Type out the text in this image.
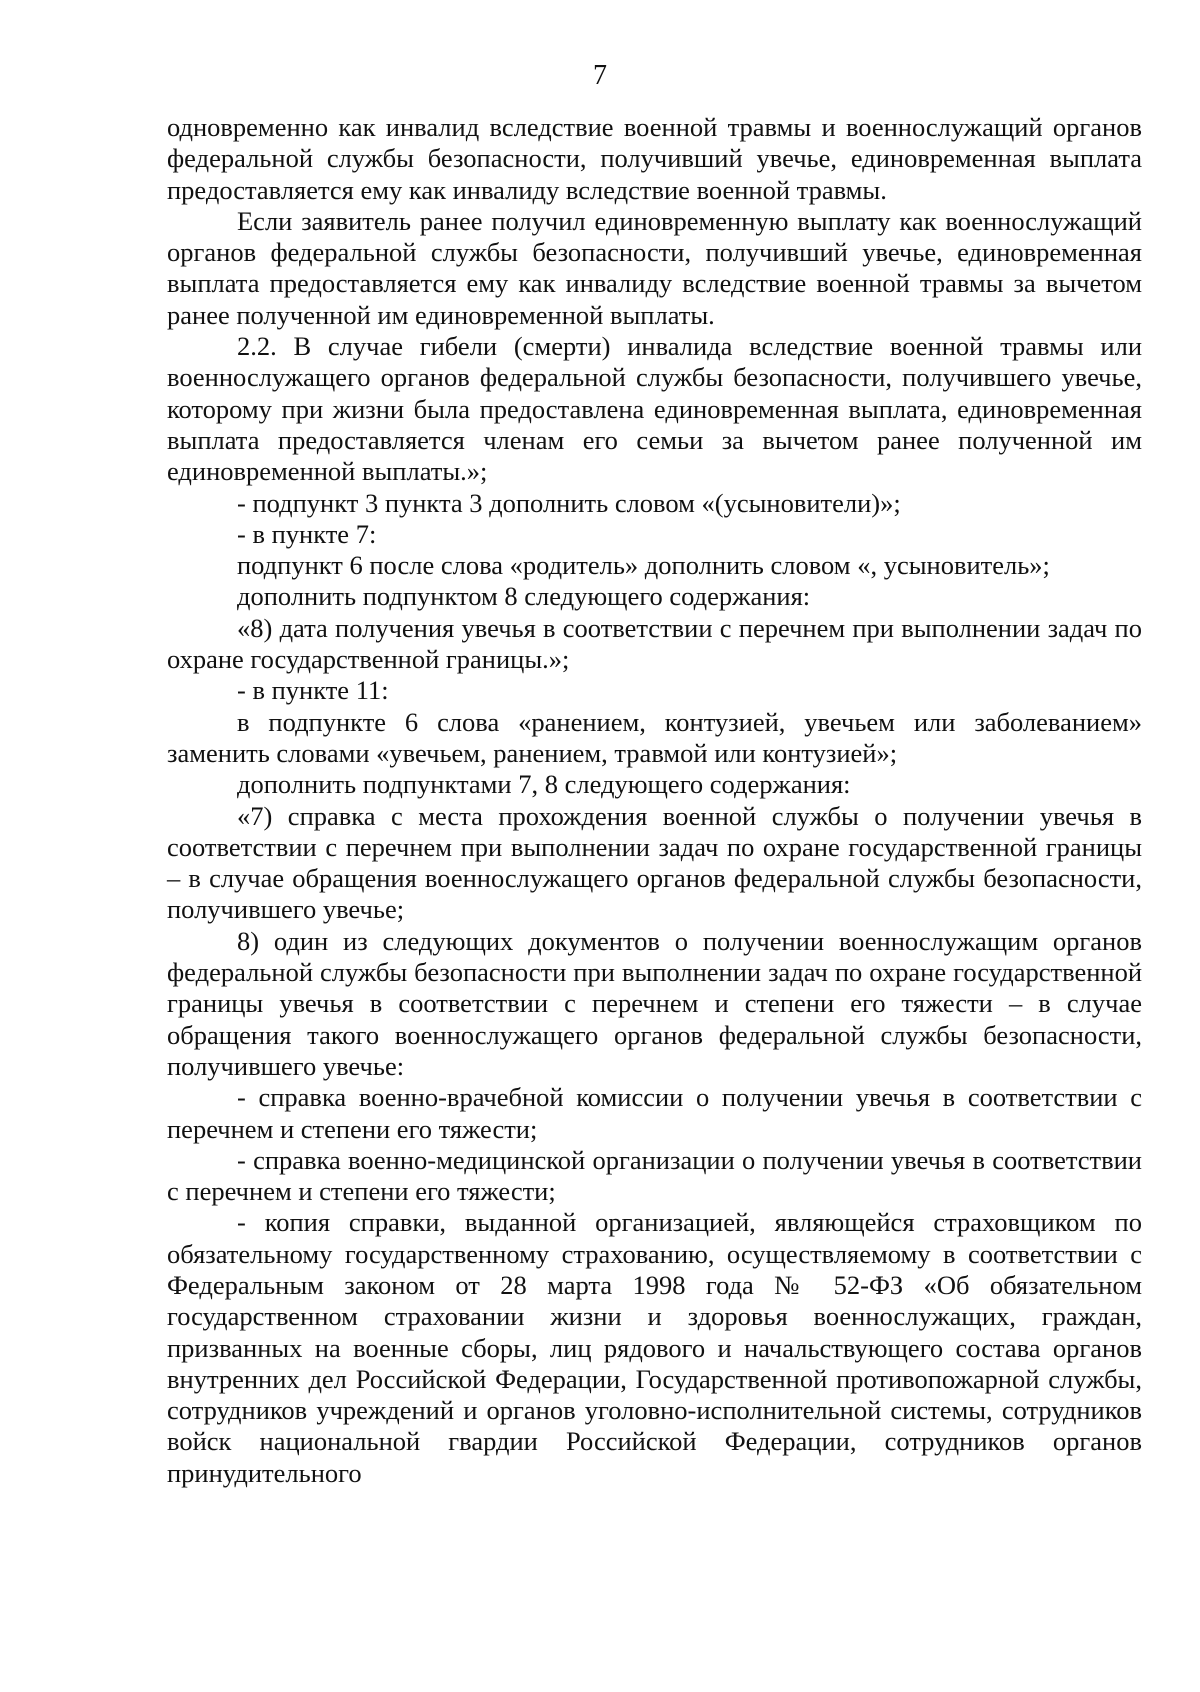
7

одновременно как инвалид вследствие военной травмы и военнослужащий органов федеральной службы безопасности, получивший увечье, единовременная выплата предоставляется ему как инвалиду вследствие военной травмы.

Если заявитель ранее получил единовременную выплату как военнослужащий органов федеральной службы безопасности, получивший увечье, единовременная выплата предоставляется ему как инвалиду вследствие военной травмы за вычетом ранее полученной им единовременной выплаты.

2.2. В случае гибели (смерти) инвалида вследствие военной травмы или военнослужащего органов федеральной службы безопасности, получившего увечье, которому при жизни была предоставлена единовременная выплата, единовременная выплата предоставляется членам его семьи за вычетом ранее полученной им единовременной выплаты.»;

- подпункт 3 пункта 3 дополнить словом «(усыновители)»;

- в пункте 7:

подпункт 6 после слова «родитель» дополнить словом «, усыновитель»;

дополнить подпунктом 8 следующего содержания:

«8) дата получения увечья в соответствии с перечнем при выполнении задач по охране государственной границы.»;

- в пункте 11:

в подпункте 6 слова «ранением, контузией, увечьем или заболеванием» заменить словами «увечьем, ранением, травмой или контузией»;

дополнить подпунктами 7, 8 следующего содержания:

«7) справка с места прохождения военной службы о получении увечья в соответствии с перечнем при выполнении задач по охране государственной границы – в случае обращения военнослужащего органов федеральной службы безопасности, получившего увечье;

8) один из следующих документов о получении военнослужащим органов федеральной службы безопасности при выполнении задач по охране государственной границы увечья в соответствии с перечнем и степени его тяжести – в случае обращения такого военнослужащего органов федеральной службы безопасности, получившего увечье:

- справка военно-врачебной комиссии о получении увечья в соответствии с перечнем и степени его тяжести;

- справка военно-медицинской организации о получении увечья в соответствии с перечнем и степени его тяжести;

- копия справки, выданной организацией, являющейся страховщиком по обязательному государственному страхованию, осуществляемому в соответствии с Федеральным законом от 28 марта 1998 года № 52-ФЗ «Об обязательном государственном страховании жизни и здоровья военнослужащих, граждан, призванных на военные сборы, лиц рядового и начальствующего состава органов внутренних дел Российской Федерации, Государственной противопожарной службы, сотрудников учреждений и органов уголовно-исполнительной системы, сотрудников войск национальной гвардии Российской Федерации, сотрудников органов принудительного
